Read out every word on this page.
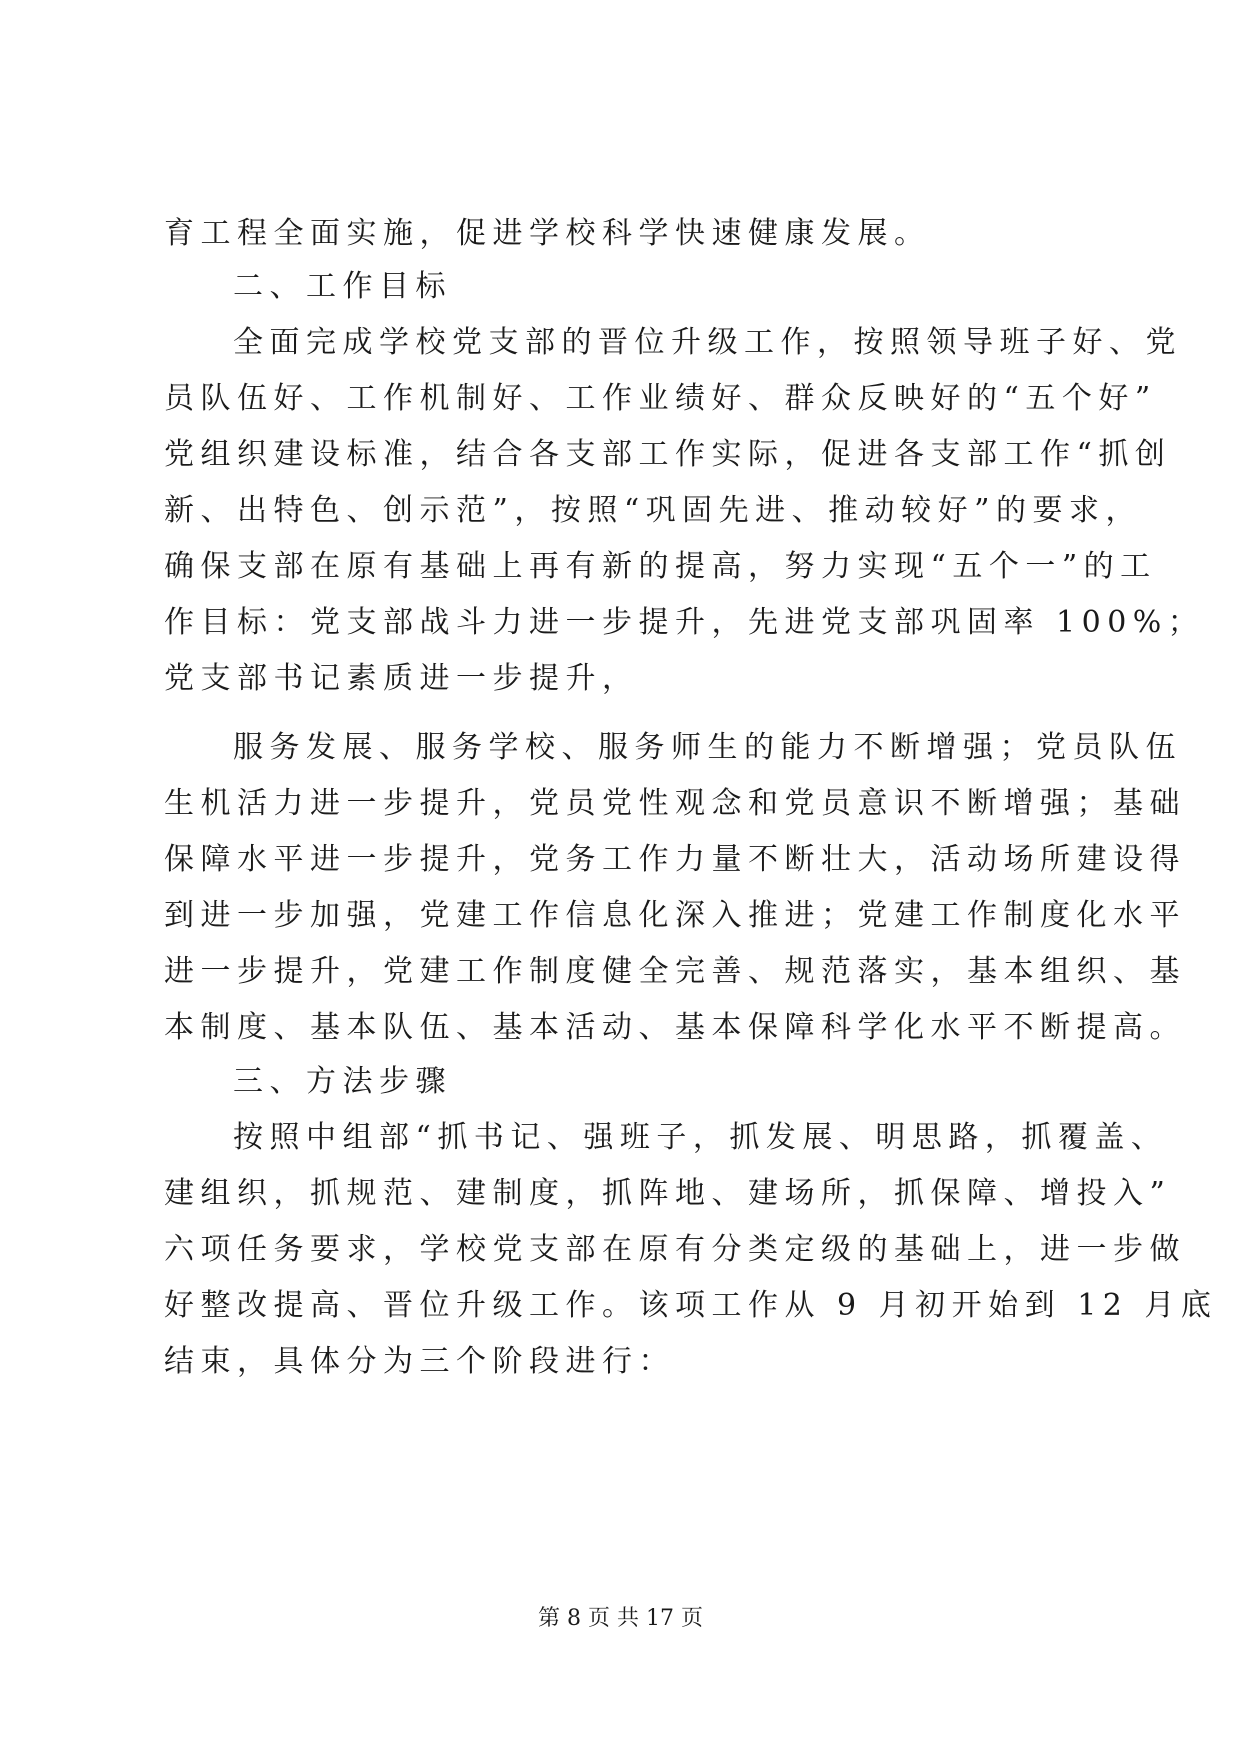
育工程全面实施，促进学校科学快速健康发展。
二、工作目标
全面完成学校党支部的晋位升级工作，按照领导班子好、党
员队伍好、工作机制好、工作业绩好、群众反映好的“五个好”
党组织建设标准，结合各支部工作实际，促进各支部工作“抓创
新、出特色、创示范”，按照“巩固先进、推动较好”的要求，
确保支部在原有基础上再有新的提高，努力实现“五个一”的工
作目标：党支部战斗力进一步提升，先进党支部巩固率 100%；
党支部书记素质进一步提升，
服务发展、服务学校、服务师生的能力不断增强；党员队伍
生机活力进一步提升，党员党性观念和党员意识不断增强；基础
保障水平进一步提升，党务工作力量不断壮大，活动场所建设得
到进一步加强，党建工作信息化深入推进；党建工作制度化水平
进一步提升，党建工作制度健全完善、规范落实，基本组织、基
本制度、基本队伍、基本活动、基本保障科学化水平不断提高。
三、方法步骤
按照中组部“抓书记、强班子，抓发展、明思路，抓覆盖、
建组织，抓规范、建制度，抓阵地、建场所，抓保障、增投入”
六项任务要求，学校党支部在原有分类定级的基础上，进一步做
好整改提高、晋位升级工作。该项工作从 9 月初开始到 12 月底
结束，具体分为三个阶段进行：
第 8 页 共 17 页
